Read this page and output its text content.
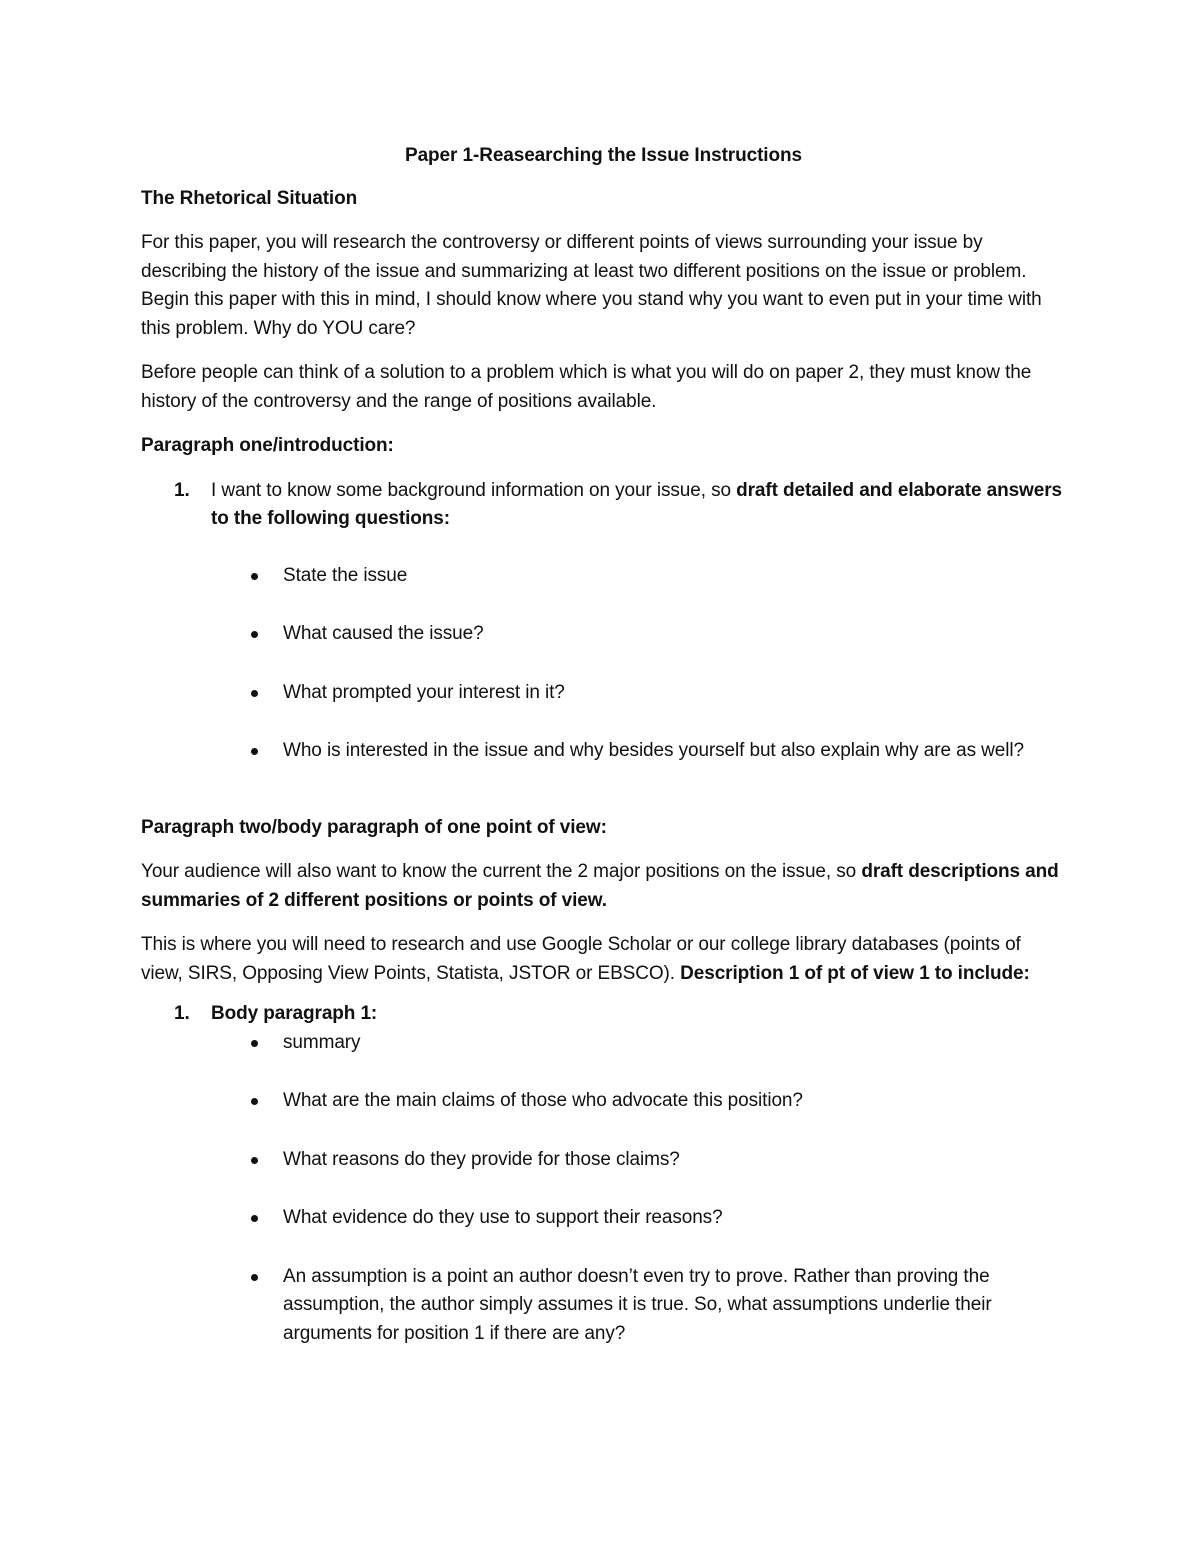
Paper 1-Reasearching the Issue Instructions
The Rhetorical Situation

For this paper, you will research the controversy or different points of views surrounding your issue by describing the history of the issue and summarizing at least two different positions on the issue or problem. Begin this paper with this in mind, I should know where you stand why you want to even put in your time with this problem. Why do YOU care?

Before people can think of a solution to a problem which is what you will do on paper 2, they must know the history of the controversy and the range of positions available.

Paragraph one/introduction:
1. I want to know some background information on your issue, so draft detailed and elaborate answers to the following questions:
State the issue
What caused the issue?
What prompted your interest in it?
Who is interested in the issue and why besides yourself but also explain why are as well?
Paragraph two/body paragraph of one point of view:

Your audience will also want to know the current the 2 major positions on the issue, so draft descriptions and summaries of 2 different positions or points of view.

This is where you will need to research and use Google Scholar or our college library databases (points of view, SIRS, Opposing View Points, Statista, JSTOR or EBSCO). Description 1 of pt of view 1 to include:

1. Body paragraph 1:
summary
What are the main claims of those who advocate this position?
What reasons do they provide for those claims?
What evidence do they use to support their reasons?
An assumption is a point an author doesn’t even try to prove. Rather than proving the assumption, the author simply assumes it is true. So, what assumptions underlie their arguments for position 1 if there are any?
